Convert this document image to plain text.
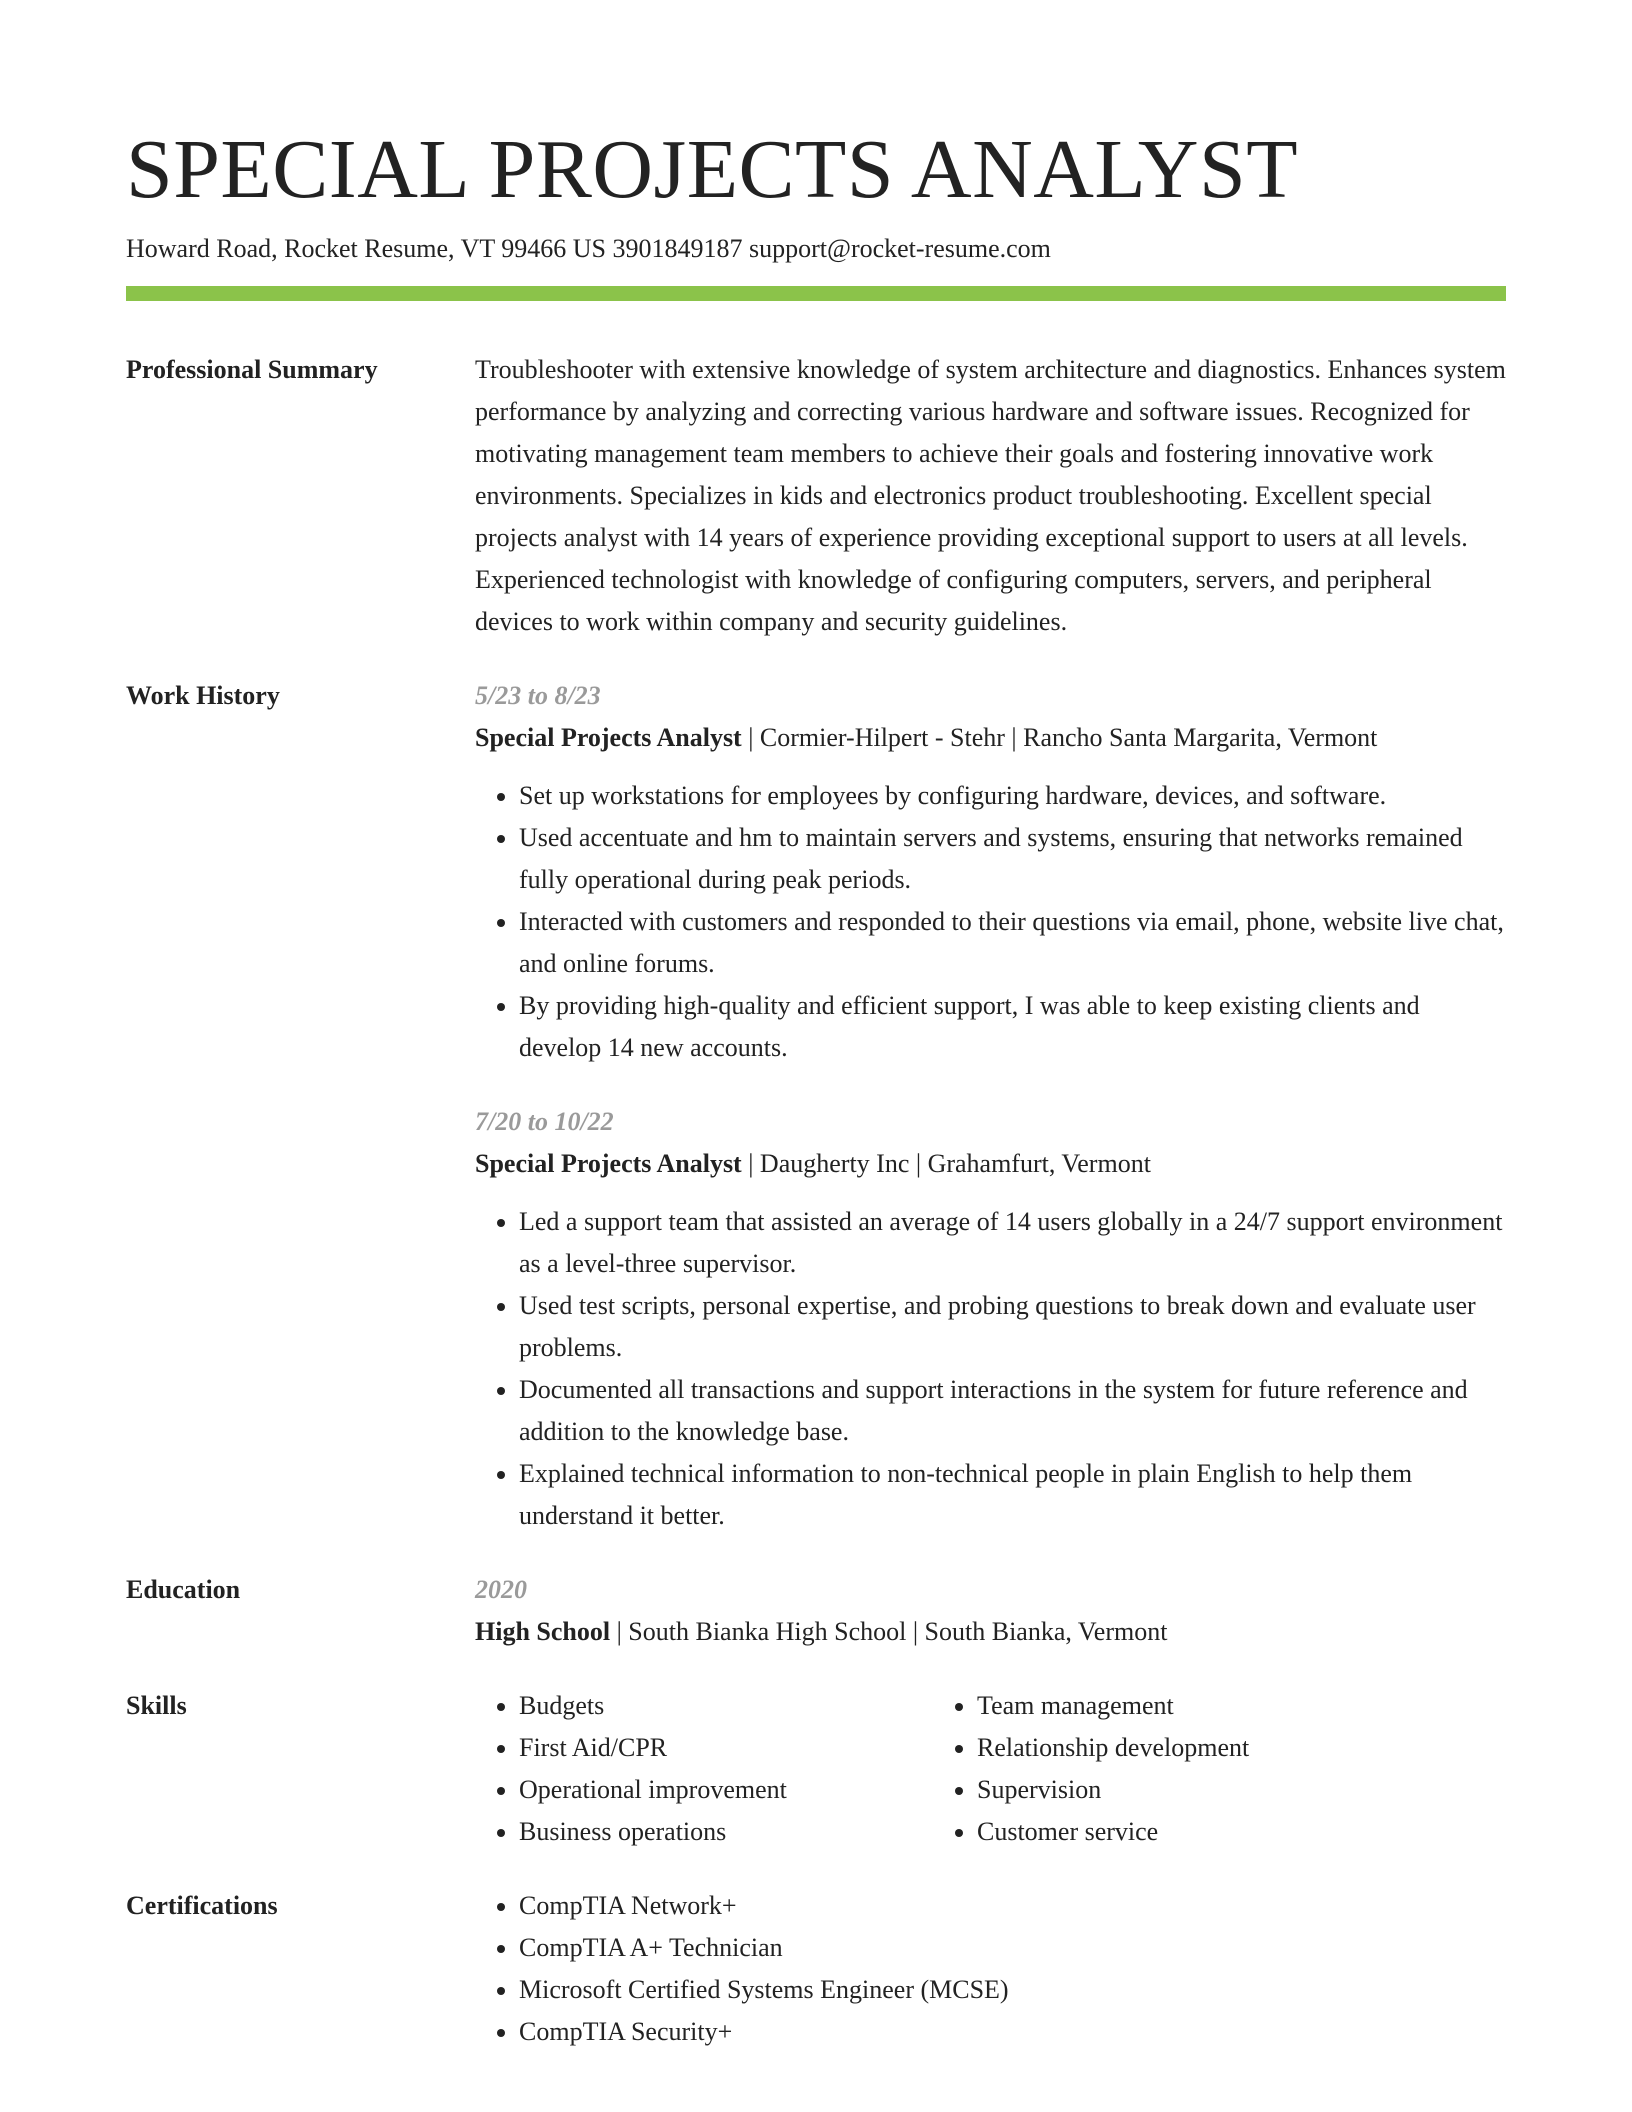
SPECIAL PROJECTS ANALYST
Howard Road, Rocket Resume, VT 99466 US 3901849187 support@rocket-resume.com
Professional Summary	Troubleshooter with extensive knowledge of system architecture and diagnostics. Enhances system performance by analyzing and correcting various hardware and software issues. Recognized for motivating management team members to achieve their goals and fostering innovative work environments. Specializes in kids and electronics product troubleshooting. Excellent special projects analyst with 14 years of experience providing exceptional support to users at all levels. Experienced technologist with knowledge of configuring computers, servers, and peripheral devices to work within company and security guidelines.
Work History	5/23 to 8/23
Special Projects Analyst | Cormier-Hilpert - Stehr | Rancho Santa Margarita, Vermont
• Set up workstations for employees by configuring hardware, devices, and software.
• Used accentuate and hm to maintain servers and systems, ensuring that networks remained fully operational during peak periods.
• Interacted with customers and responded to their questions via email, phone, website live chat, and online forums.
• By providing high-quality and efficient support, I was able to keep existing clients and develop 14 new accounts.
7/20 to 10/22
Special Projects Analyst | Daugherty Inc | Grahamfurt, Vermont
• Led a support team that assisted an average of 14 users globally in a 24/7 support environment as a level-three supervisor.
• Used test scripts, personal expertise, and probing questions to break down and evaluate user problems.
• Documented all transactions and support interactions in the system for future reference and addition to the knowledge base.
• Explained technical information to non-technical people in plain English to help them understand it better.
Education	2020
High School | South Bianka High School | South Bianka, Vermont
Skills	• Budgets
• First Aid/CPR
• Operational improvement
• Business operations
• Team management
• Relationship development
• Supervision
• Customer service
Certifications	• CompTIA Network+
• CompTIA A+ Technician
• Microsoft Certified Systems Engineer (MCSE)
• CompTIA Security+
